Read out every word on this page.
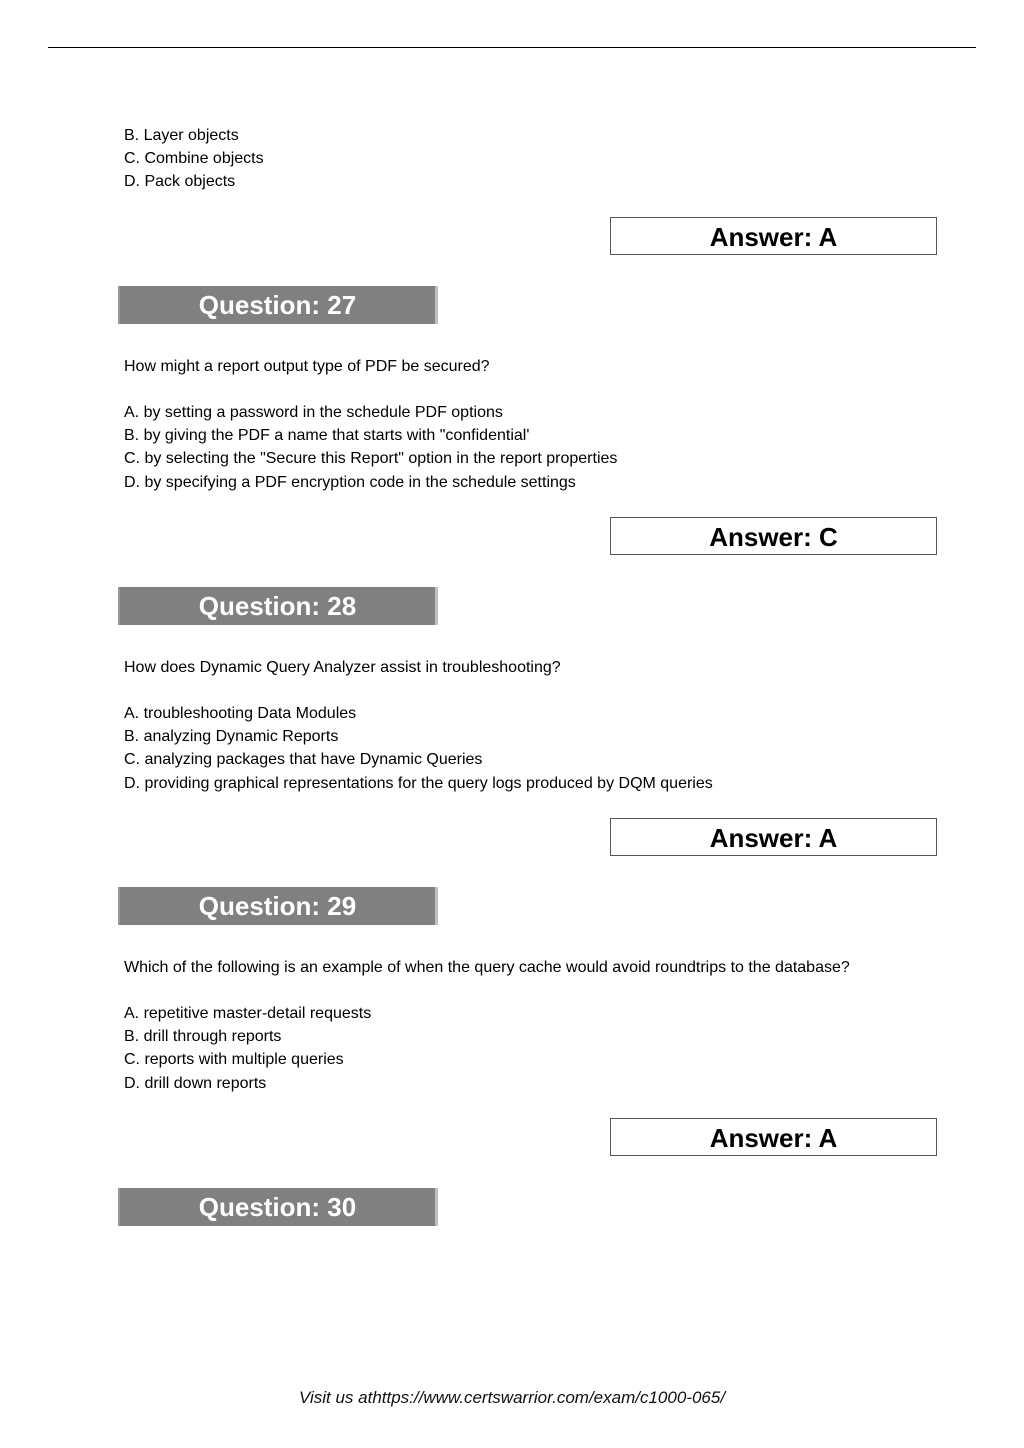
B. Layer objects
C. Combine objects
D. Pack objects
Answer: A
Question: 27

How might a report output type of PDF be secured?

A. by setting a password in the schedule PDF options
B. by giving the PDF a name that starts with "confidential'
C. by selecting the "Secure this Report" option in the report properties
D. by specifying a PDF encryption code in the schedule settings
Answer: C
Question: 28

How does Dynamic Query Analyzer assist in troubleshooting?

A. troubleshooting Data Modules
B. analyzing Dynamic Reports
C. analyzing packages that have Dynamic Queries
D. providing graphical representations for the query logs produced by DQM queries
Answer: A
Question: 29

Which of the following is an example of when the query cache would avoid roundtrips to the database?

A. repetitive master-detail requests
B. drill through reports
C. reports with multiple queries
D. drill down reports
Answer: A
Question: 30
Visit us athttps://www.certswarrior.com/exam/c1000-065/
